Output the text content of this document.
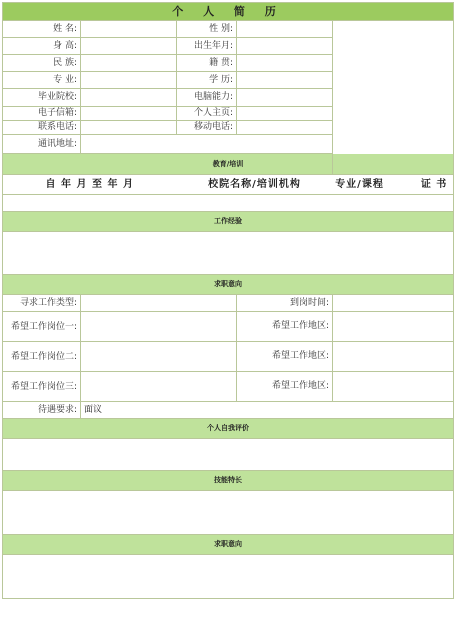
个 人 简 历				
姓 名:		性 别:		
身 高:		出生年月:		
民 族:		籍 贯:		
专 业:		学 历:		
毕业院校:		电脑能力:		
电子信箱:		个人主页:		
联系电话:		移动电话:		
通讯地址:				
教育/培训				
自 年 月 至 年 月		校院名称/培训机构		专业/课程 证 书

工作经验				

求职意向				
寻求工作类型:			到岗时间:	
希望工作岗位一:			希望工作地区:	
希望工作岗位二:			希望工作地区:	
希望工作岗位三:			希望工作地区:	
待遇要求:	面议			
个人自我评价				

技能特长				

求职意向				
